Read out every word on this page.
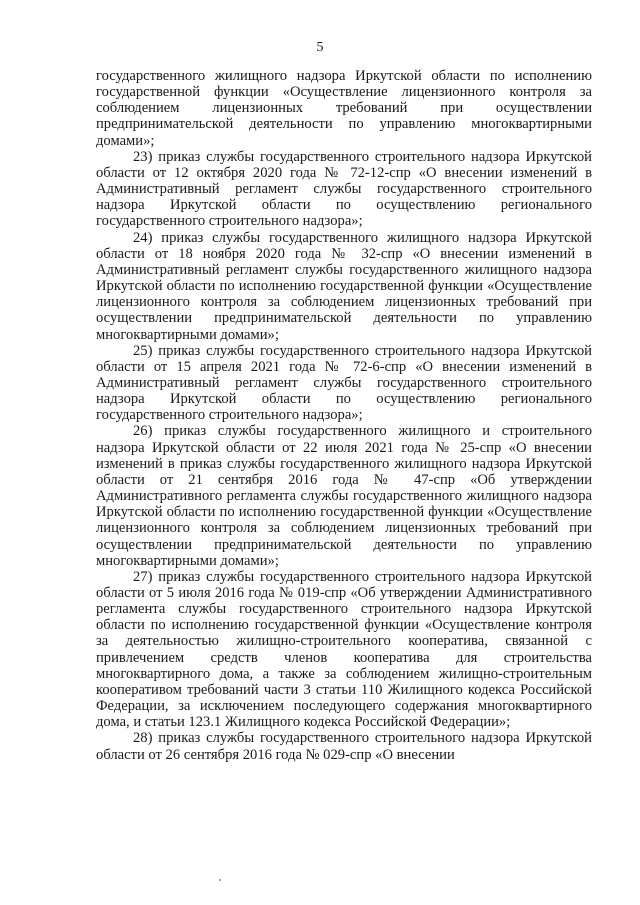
5

государственного жилищного надзора Иркутской области по исполнению государственной функции «Осуществление лицензионного контроля за соблюдением лицензионных требований при осуществлении предпринимательской деятельности по управлению многоквартирными домами»;

23) приказ службы государственного строительного надзора Иркутской области от 12 октября 2020 года № 72-12-спр «О внесении изменений в Административный регламент службы государственного строительного надзора Иркутской области по осуществлению регионального государственного строительного надзора»;

24) приказ службы государственного жилищного надзора Иркутской области от 18 ноября 2020 года № 32-спр «О внесении изменений в Административный регламент службы государственного жилищного надзора Иркутской области по исполнению государственной функции «Осуществление лицензионного контроля за соблюдением лицензионных требований при осуществлении предпринимательской деятельности по управлению многоквартирными домами»;

25) приказ службы государственного строительного надзора Иркутской области от 15 апреля 2021 года № 72-6-спр «О внесении изменений в Административный регламент службы государственного строительного надзора Иркутской области по осуществлению регионального государственного строительного надзора»;

26) приказ службы государственного жилищного и строительного надзора Иркутской области от 22 июля 2021 года № 25-спр «О внесении изменений в приказ службы государственного жилищного надзора Иркутской области от 21 сентября 2016 года № 47-спр «Об утверждении Административного регламента службы государственного жилищного надзора Иркутской области по исполнению государственной функции «Осуществление лицензионного контроля за соблюдением лицензионных требований при осуществлении предпринимательской деятельности по управлению многоквартирными домами»;

27) приказ службы государственного строительного надзора Иркутской области от 5 июля 2016 года № 019-спр «Об утверждении Административного регламента службы государственного строительного надзора Иркутской области по исполнению государственной функции «Осуществление контроля за деятельностью жилищно-строительного кооператива, связанной с привлечением средств членов кооператива для строительства многоквартирного дома, а также за соблюдением жилищно-строительным кооперативом требований части 3 статьи 110 Жилищного кодекса Российской Федерации, за исключением последующего содержания многоквартирного дома, и статьи 123.1 Жилищного кодекса Российской Федерации»;

28) приказ службы государственного строительного надзора Иркутской области от 26 сентября 2016 года № 029-спр «О внесении
